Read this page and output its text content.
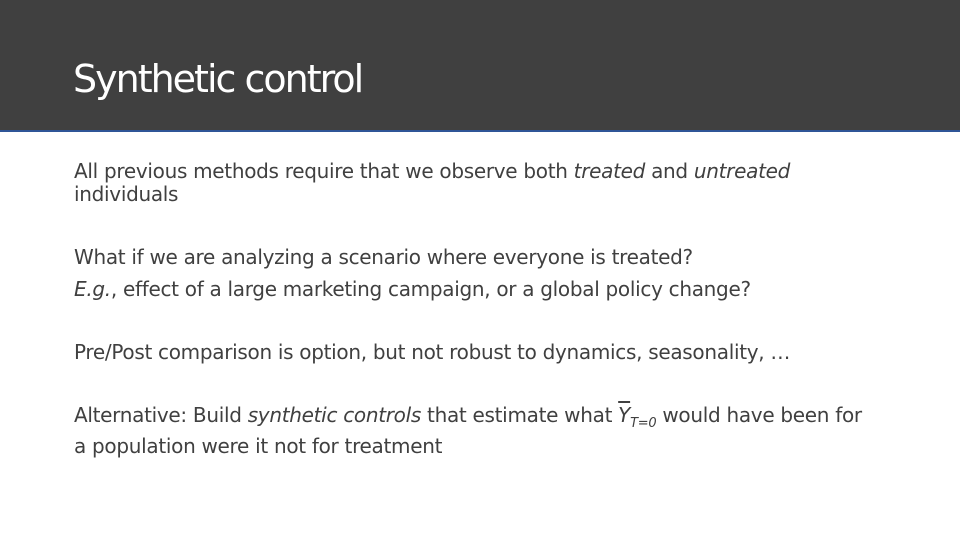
Synthetic control

All previous methods require that we observe both treated and untreated individuals

What if we are analyzing a scenario where everyone is treated?

E.g., effect of a large marketing campaign, or a global policy change?

Pre/Post comparison is option, but not robust to dynamics, seasonality, …

Alternative: Build synthetic controls that estimate what $\overline{Y}_{T=0}$ would have been for a population were it not for treatment
